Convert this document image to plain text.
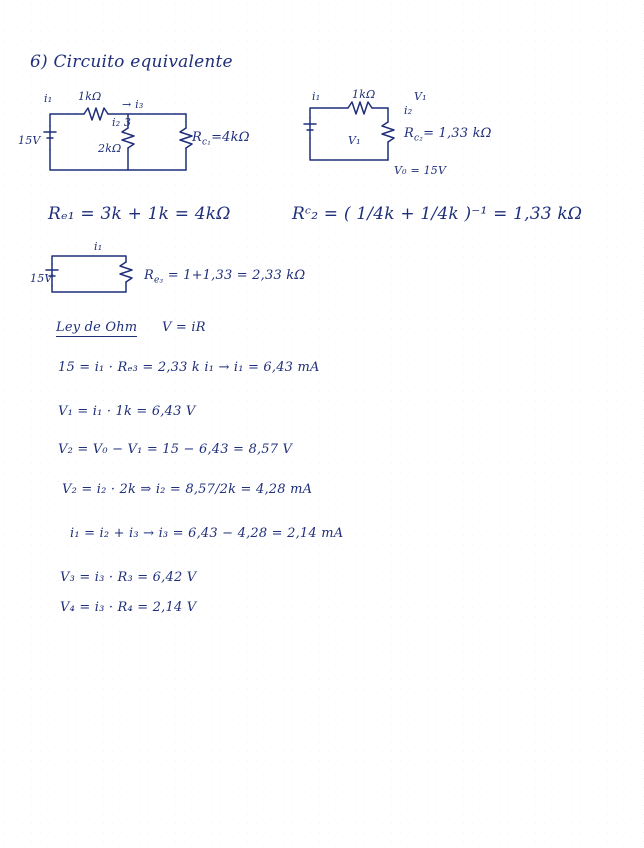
6) Circuito equivalente
i₁ 1kΩ
→ i₃
i₂ 3
15V
2kΩ
$R_{c_1}=4k\Omega$
i₁	1kΩ	V₁
i₂
V₁	$R_{c_2}= 1,33$ kΩ
V₀ = 15V
Rₑ₁ = 3k + 1k = 4kΩ	Rᶜ₂ = ( 1/4k + 1/4k )⁻¹ = 1,33 kΩ
i₁
15V	$R_{e_3} = 1+1,33 = 2,33$ kΩ
Ley de Ohm V = iR
15 = i₁ · Rₑ₃ = 2,33 k i₁ → i₁ = 6,43 mA
V₁ = i₁ · 1k = 6,43 V
V₂ = V₀ − V₁ = 15 − 6,43 = 8,57 V
V₂ = i₂ · 2k ⇒ i₂ = 8,57/2k = 4,28 mA
i₁ = i₂ + i₃ → i₃ = 6,43 − 4,28 = 2,14 mA
V₃ = i₃ · R₃ = 6,42 V
V₄ = i₃ · R₄ = 2,14 V
